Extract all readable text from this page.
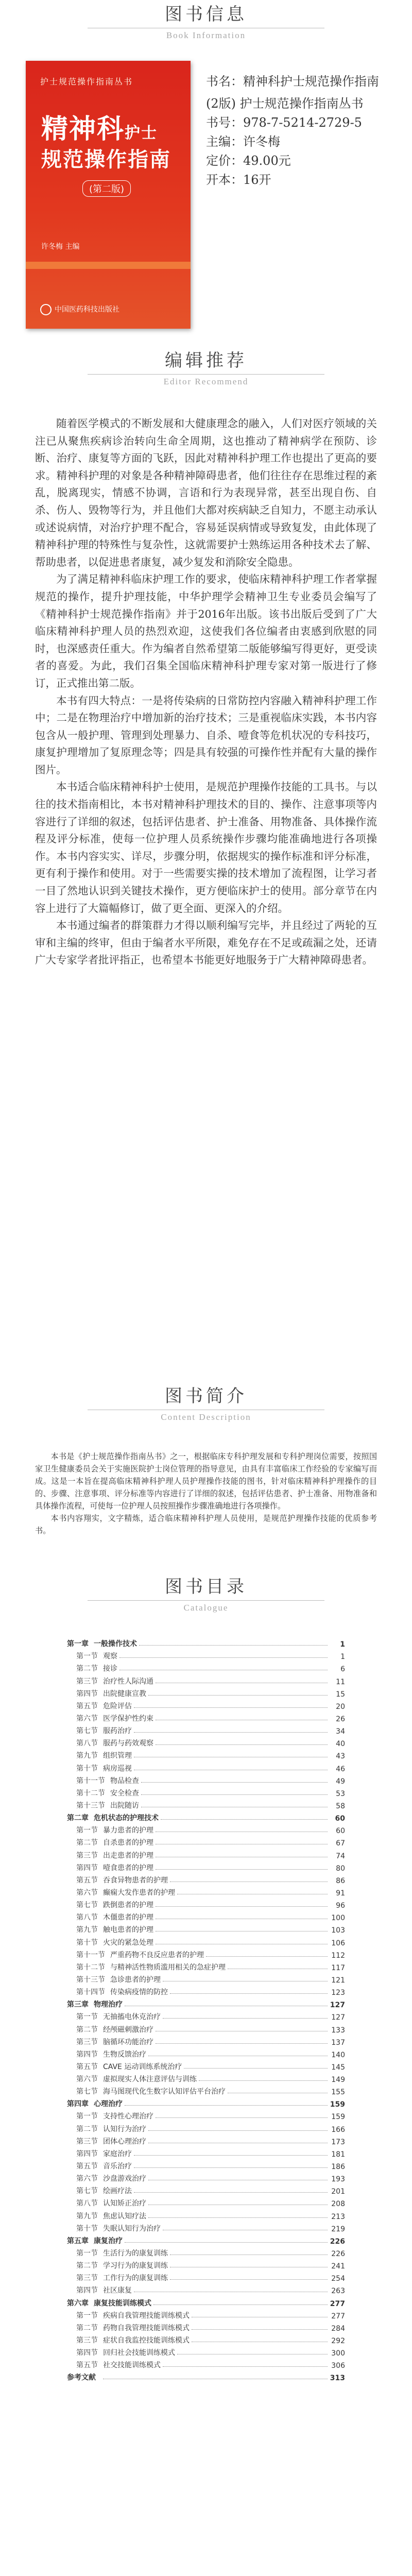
图书信息
Book Information
护士规范操作指南丛书
精神科护士
规范操作指南
(第二版)
许冬梅 主编
中国医药科技出版社
书名：精神科护士规范操作指南
(2版) 护士规范操作指南丛书
书号：978-7-5214-2729-5
主编：许冬梅
定价：49.00元
开本：16开
编辑推荐
Editor Recommend

随着医学模式的不断发展和大健康理念的融入，人们对医疗领域的关注已从聚焦疾病诊治转向生命全周期，这也推动了精神病学在预防、诊断、治疗、康复等方面的飞跃，因此对精神科护理工作也提出了更高的要求。精神科护理的对象是各种精神障碍患者，他们往往存在思维过程的紊乱，脱离现实，情感不协调，言语和行为表现异常，甚至出现自伤、自杀、伤人、毁物等行为，并且他们大都对疾病缺乏自知力，不愿主动承认或述说病情，对治疗护理不配合，容易延误病情或导致复发，由此体现了精神科护理的特殊性与复杂性，这就需要护士熟练运用各种技术去了解、帮助患者，以促进患者康复，减少复发和消除安全隐患。

为了满足精神科临床护理工作的要求，使临床精神科护理工作者掌握规范的操作，提升护理技能，中华护理学会精神卫生专业委员会编写了《精神科护士规范操作指南》并于2016年出版。该书出版后受到了广大临床精神科护理人员的热烈欢迎，这使我们各位编者由衷感到欣慰的同时，也深感责任重大。作为编者自然希望第二版能够编写得更好，更受读者的喜爱。为此，我们召集全国临床精神科护理专家对第一版进行了修订，正式推出第二版。

本书有四大特点：一是将传染病的日常防控内容融入精神科护理工作中；二是在物理治疗中增加新的治疗技术；三是重视临床实践，本书内容包含从一般护理、管理到处理暴力、自杀、噎食等危机状况的专科技巧，康复护理增加了复原理念等；四是具有较强的可操作性并配有大量的操作图片。

本书适合临床精神科护士使用，是规范护理操作技能的工具书。与以往的技术指南相比，本书对精神科护理技术的目的、操作、注意事项等内容进行了详细的叙述，包括评估患者、护士准备、用物准备、具体操作流程及评分标准，使每一位护理人员系统操作步骤均能准确地进行各项操作。本书内容实实、详尽，步骤分明，依据规实的操作标准和评分标准，更有利于操作和使用。对于一些需要实操的技术增加了流程图，让学习者一目了然地认识到关键技术操作，更方便临床护士的使用。部分章节在内容上进行了大篇幅修订，做了更全面、更深入的介绍。

本书通过编者的群策群力才得以顺利编写完毕，并且经过了两轮的互审和主编的终审，但由于编者水平所限，难免存在不足或疏漏之处，还请广大专家学者批评指正，也希望本书能更好地服务于广大精神障碍患者。

图书简介
Content Description

本书是《护士规范操作指南丛书》之一，根据临床专科护理发展和专科护理岗位需要，按照国家卫生健康委员会关于实施医院护士岗位管理的指导意见，由具有丰富临床工作经验的专家编写而成。这是一本旨在提高临床精神科护理人员护理操作技能的图书，针对临床精神科护理操作的目的、步骤、注意事项、评分标准等内容进行了详细的叙述，包括评估患者、护士准备、用物准备和具体操作流程，可使每一位护理人员按照操作步骤准确地进行各项操作。

本书内容翔实，文字精炼，适合临床精神科护理人员使用，是规范护理操作技能的优质参考书。

图书目录
Catalogue
第一章 一般操作技术	1
第一节 观察	1
第二节 接诊	6
第三节 治疗性人际沟通	11
第四节 出院健康宣教	15
第五节 危险评估	20
第六节 医学保护性约束	26
第七节 服药治疗	34
第八节 服药与药效观察	40
第九节 组织管理	43
第十节 病房巡视	46
第十一节 物品检查	49
第十二节 安全检查	53
第十三节 出院随访	58
第二章 危机状态的护理技术	60
第一节 暴力患者的护理	60
第二节 自杀患者的护理	67
第三节 出走患者的护理	74
第四节 噎食患者的护理	80
第五节 吞食异物患者的护理	86
第六节 癫痫大发作患者的护理	91
第七节 跌倒患者的护理	96
第八节 木僵患者的护理	100
第九节 触电患者的护理	103
第十节 火灾的紧急处理	106
第十一节 严重药物不良反应患者的护理	112
第十二节 与精神活性物质滥用相关的急症护理	117
第十三节 急诊患者的护理	121
第十四节 传染病疫情的防控	123
第三章 物理治疗	127
第一节 无抽搐电休克治疗	127
第二节 经颅磁刺激治疗	133
第三节 脑循环功能治疗	137
第四节 生物反馈治疗	140
第五节 CAVE 运动训练系统治疗	145
第六节 虚拟现实人体注意评估与训练	149
第七节 海马图现代化生数字认知评估平台治疗	155
第四章 心理治疗	159
第一节 支持性心理治疗	159
第二节 认知行为治疗	166
第三节 团体心理治疗	173
第四节 家庭治疗	181
第五节 音乐治疗	186
第六节 沙盘游戏治疗	193
第七节 绘画疗法	201
第八节 认知矫正治疗	208
第九节 焦虑认知疗法	213
第十节 失眠认知行为治疗	219
第五章 康复治疗	226
第一节 生活行为的康复训练	226
第二节 学习行为的康复训练	241
第三节 工作行为的康复训练	254
第四节 社区康复	263
第六章 康复技能训练模式	277
第一节 疾病自我管理技能训练模式	277
第二节 药物自我管理技能训练模式	284
第三节 症状自我监控技能训练模式	292
第四节 回归社会技能训练模式	300
第五节 社交技能训练模式	306
参考文献	313
